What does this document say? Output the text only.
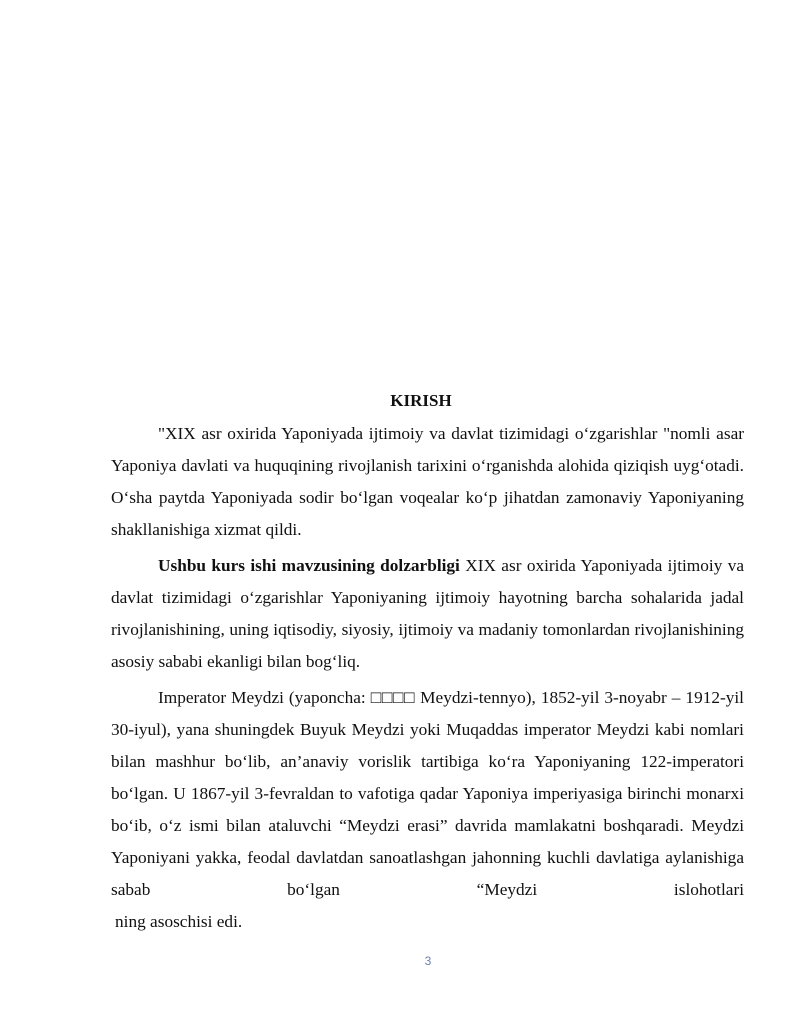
KIRISH

"XIX asr oxirida Yaponiyada ijtimoiy va davlat tizimidagi o‘zgarishlar "nomli asar Yaponiya davlati va huquqining rivojlanish tarixini o‘rganishda alohida qiziqish uyg‘otadi. O‘sha paytda Yaponiyada sodir bo‘lgan voqealar ko‘p jihatdan zamonaviy Yaponiyaning shakllanishiga xizmat qildi.

Ushbu kurs ishi mavzusining dolzarbligi XIX asr oxirida Yaponiyada ijtimoiy va davlat tizimidagi o‘zgarishlar Yaponiyaning ijtimoiy hayotning barcha sohalarida jadal rivojlanishining, uning iqtisodiy, siyosiy, ijtimoiy va madaniy tomonlardan rivojlanishining asosiy sababi ekanligi bilan bog‘liq.

Imperator Meydzi (yaponcha: □□□□ Meydzi-tennyo), 1852-yil 3-noyabr – 1912-yil 30-iyul), yana shuningdek Buyuk Meydzi yoki Muqaddas imperator Meydzi kabi nomlari bilan mashhur bo‘lib, an’anaviy vorislik tartibiga ko‘ra Yaponiyaning 122-imperatori bo‘lgan. U 1867-yil 3-fevraldan to vafotiga qadar Yaponiya imperiyasiga birinchi monarxi bo‘ib, o‘z ismi bilan ataluvchi “Meydzi erasi” davrida mamlakatni boshqaradi. Meydzi Yaponiyani yakka, feodal davlatdan sanoatlashgan jahonning kuchli davlatiga aylanishiga sabab bo‘lgan “Meydzi islohotlari

ning asoschisi edi.

3
